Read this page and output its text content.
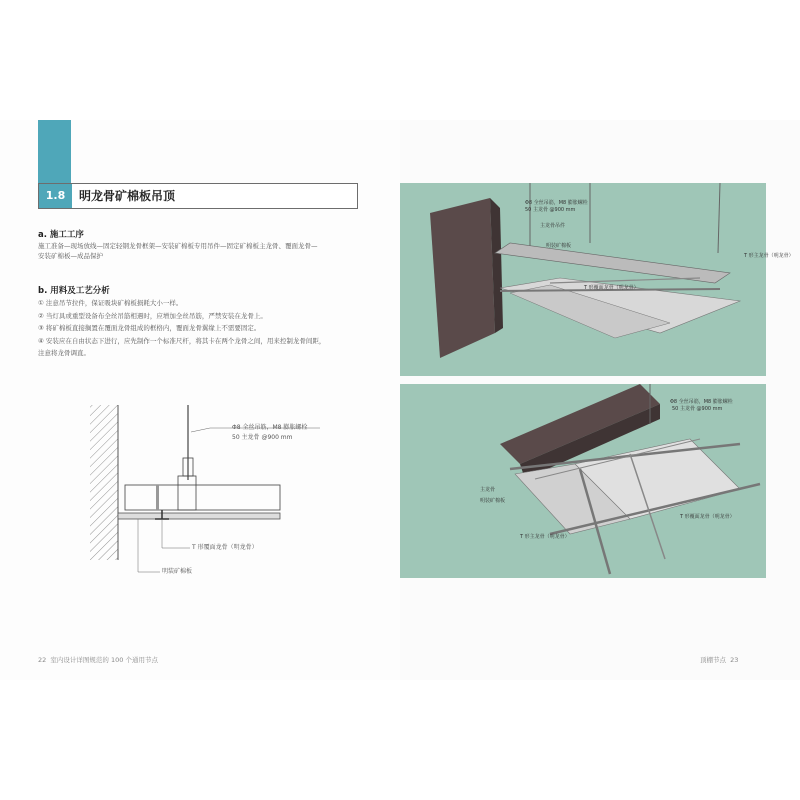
1.8	明龙骨矿棉板吊顶
a. 施工工序

施工准备—现场放线—固定轻钢龙骨框架—安装矿棉板专用吊件—固定矿棉板主龙骨、覆面龙骨—

安装矿棉板—成品保护

b. 用料及工艺分析

① 注意吊节拉件，保证吸块矿棉板损耗大小一样。

② 当灯具或重型设备布全丝吊筋相遇时，应增加全丝吊筋，严禁安装在龙骨上。

③ 将矿棉板直接搁置在覆面龙骨组成的框格内，覆面龙骨翼缘上不需要固定。

④ 安装应在自由状态下进行，应先制作一个标准尺杆，将其卡在两个龙骨之间，用来控制龙骨间距，

注意将龙骨调直。

Φ8 全丝吊筋，M8 膨胀螺栓
50 主龙骨 @900 mm
T 形覆面龙骨（明龙骨）
明装矿棉板
Φ8 全丝吊筋，M8 膨胀螺栓
50 主龙骨 @900 mm
主龙骨吊件
明装矿棉板
T 形主龙骨（明龙骨）
T 形覆面龙骨（明龙骨）
Φ8 全丝吊筋，M8 膨胀螺栓
50 主龙骨 @900 mm
主龙骨
明装矿棉板
T 形覆面龙骨（明龙骨）
T 形主龙骨（明龙骨）
22 室内设计详图规范的 100 个通用节点	顶棚节点 23
